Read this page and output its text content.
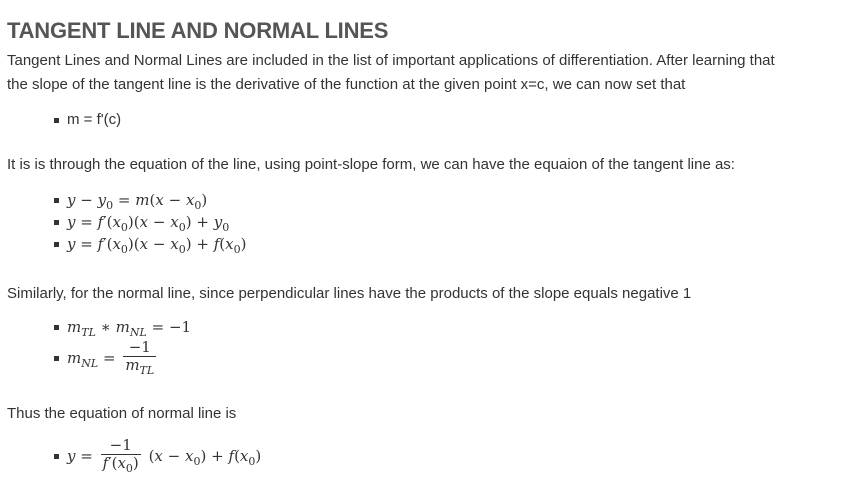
TANGENT LINE AND NORMAL LINES

Tangent Lines and Normal Lines are included in the list of important applications of differentiation. After learning that
the slope of the tangent line is the derivative of the function at the given point x=c, we can now set that

m = f'(c)

It is is through the equation of the line, using point-slope form, we can have the equaion of the tangent line as:

$y - y_0 = m(x - x_0)$
$y = f'(x_0)(x - x_0) + y_0$
$y = f'(x_0)(x - x_0) + f(x_0)$

Similarly, for the normal line, since perpendicular lines have the products of the slope equals negative 1

$m_{TL}$ ∗ $m_{NL} = -1$
$m_{NL} = \frac{-1}{m_{TL}}$

Thus the equation of normal line is

$y = \frac{-1}{f'(x_0)} (x - x_0) + f(x_0)$
